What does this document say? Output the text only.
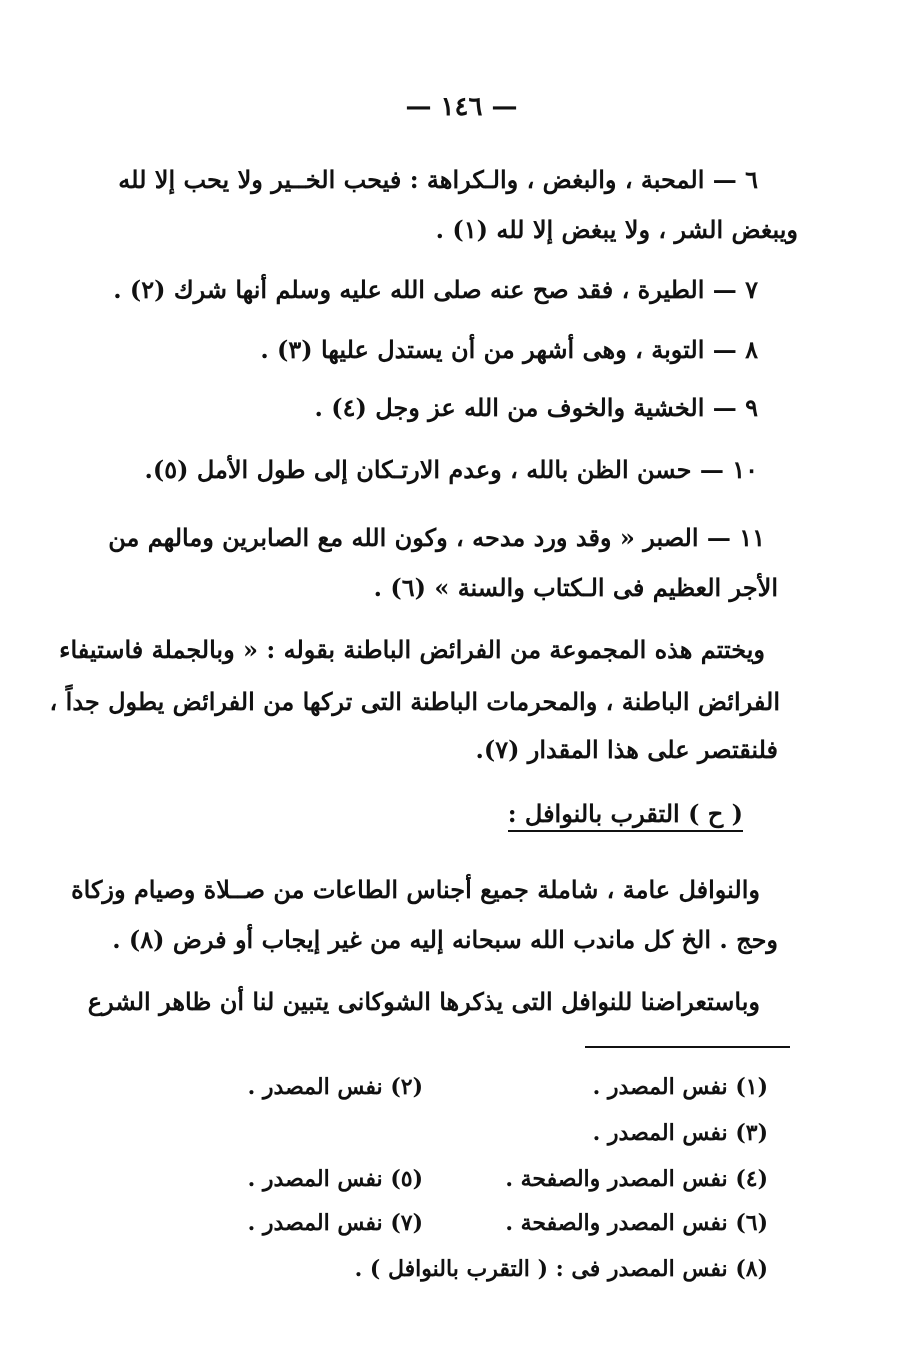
— ١٤٦ —
٦ — المحبة ، والبغض ، والـكراهة : فيحب الخــير ولا يحب إلا لله
ويبغض الشر ، ولا يبغض إلا لله (١) .
٧ — الطيرة ، فقد صح عنه صلى الله عليه وسلم أنها شرك (٢) .
٨ — التوبة ، وهى أشهر من أن يستدل عليها (٣) .
٩ — الخشية والخوف من الله عز وجل (٤) .
١٠ — حسن الظن بالله ، وعدم الارتـكان إلى طول الأمل (٥).
١١ — الصبر « وقد ورد مدحه ، وكون الله مع الصابرين ومالهم من
الأجر العظيم فى الـكتاب والسنة » (٦) .
ويختتم هذه المجموعة من الفرائض الباطنة بقوله : « وبالجملة فاستيفاء
الفرائض الباطنة ، والمحرمات الباطنة التى تركها من الفرائض يطول جداً ،
فلنقتصر على هذا المقدار (٧).
( ح ) التقرب بالنوافل :
والنوافل عامة ، شاملة جميع أجناس الطاعات من صــلاة وصيام وزكاة
وحج . الخ كل ماندب الله سبحانه إليه من غير إيجاب أو فرض (٨) .
وباستعراضنا للنوافل التى يذكرها الشوكانى يتبين لنا أن ظاهر الشرع
(١) نفس المصدر .
(٢) نفس المصدر .
(٣) نفس المصدر .
(٤) نفس المصدر والصفحة .
(٥) نفس المصدر .
(٦) نفس المصدر والصفحة .
(٧) نفس المصدر .
(٨) نفس المصدر فى : ( التقرب بالنوافل ) .
